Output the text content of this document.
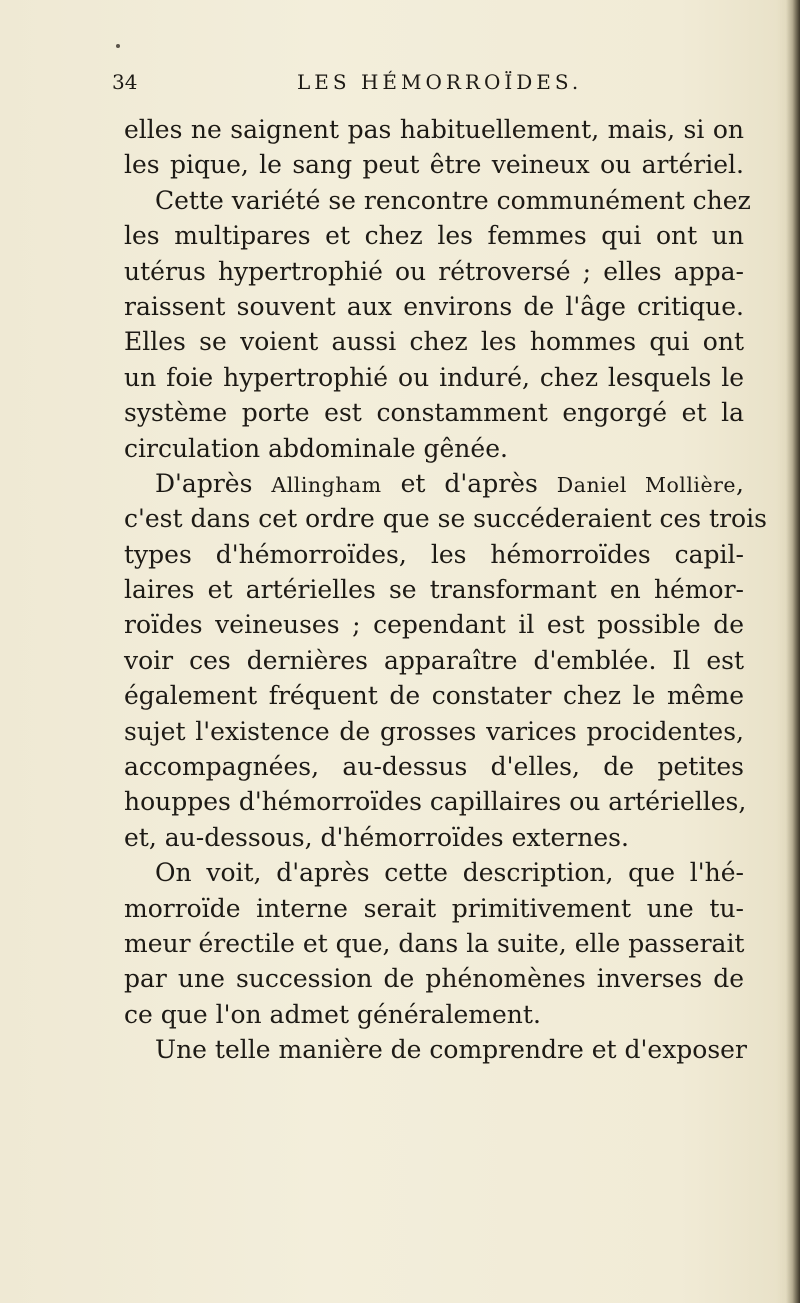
34	LES HÉMORROÏDES.
elles ne saignent pas habituellement, mais, si on
les pique, le sang peut être veineux ou artériel.
Cette variété se rencontre communément chez
les multipares et chez les femmes qui ont un
utérus hypertrophié ou rétroversé ; elles appa-
raissent souvent aux environs de l'âge critique.
Elles se voient aussi chez les hommes qui ont
un foie hypertrophié ou induré, chez lesquels le
système porte est constamment engorgé et la
circulation abdominale gênée.
D'après Allingham et d'après Daniel Mollière,
c'est dans cet ordre que se succéderaient ces trois
types d'hémorroïdes, les hémorroïdes capil-
laires et artérielles se transformant en hémor-
roïdes veineuses ; cependant il est possible de
voir ces dernières apparaître d'emblée. Il est
également fréquent de constater chez le même
sujet l'existence de grosses varices procidentes,
accompagnées, au-dessus d'elles, de petites
houppes d'hémorroïdes capillaires ou artérielles,
et, au-dessous, d'hémorroïdes externes.
On voit, d'après cette description, que l'hé-
morroïde interne serait primitivement une tu-
meur érectile et que, dans la suite, elle passerait
par une succession de phénomènes inverses de
ce que l'on admet généralement.
Une telle manière de comprendre et d'exposer
